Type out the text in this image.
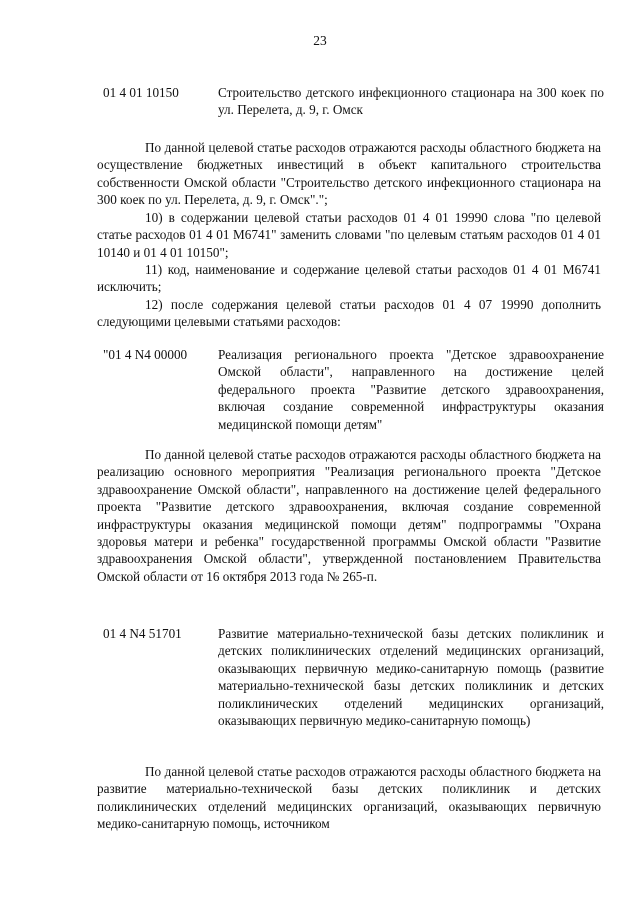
23
01 4 01 10150	Строительство детского инфекционного стационара на 300 коек по ул. Перелета, д. 9, г. Омск
По данной целевой статье расходов отражаются расходы областного бюджета на осуществление бюджетных инвестиций в объект капитального строительства собственности Омской области "Строительство детского инфекционного стационара на 300 коек по ул. Перелета, д. 9, г. Омск".";
10) в содержании целевой статьи расходов 01 4 01 19990 слова "по целевой статье расходов 01 4 01 М6741" заменить словами "по целевым статьям расходов 01 4 01 10140 и 01 4 01 10150";
11) код, наименование и содержание целевой статьи расходов 01 4 01 М6741 исключить;
12) после содержания целевой статьи расходов 01 4 07 19990 дополнить следующими целевыми статьями расходов:
"01 4 N4 00000 Реализация регионального проекта "Детское здравоохранение Омской области", направленного на достижение целей федерального проекта "Развитие детского здравоохранения, включая создание современной инфраструктуры оказания медицинской помощи детям"
По данной целевой статье расходов отражаются расходы областного бюджета на реализацию основного мероприятия "Реализация регионального проекта "Детское здравоохранение Омской области", направленного на достижение целей федерального проекта "Развитие детского здравоохранения, включая создание современной инфраструктуры оказания медицинской помощи детям" подпрограммы "Охрана здоровья матери и ребенка" государственной программы Омской области "Развитие здравоохранения Омской области", утвержденной постановлением Правительства Омской области от 16 октября 2013 года № 265-п.
01 4 N4 51701	Развитие материально-технической базы детских поликлиник и детских поликлинических отделений медицинских организаций, оказывающих первичную медико-санитарную помощь (развитие материально-технической базы детских поликлиник и детских поликлинических отделений медицинских организаций, оказывающих первичную медико-санитарную помощь)
По данной целевой статье расходов отражаются расходы областного бюджета на развитие материально-технической базы детских поликлиник и детских поликлинических отделений медицинских организаций, оказывающих первичную медико-санитарную помощь, источником
